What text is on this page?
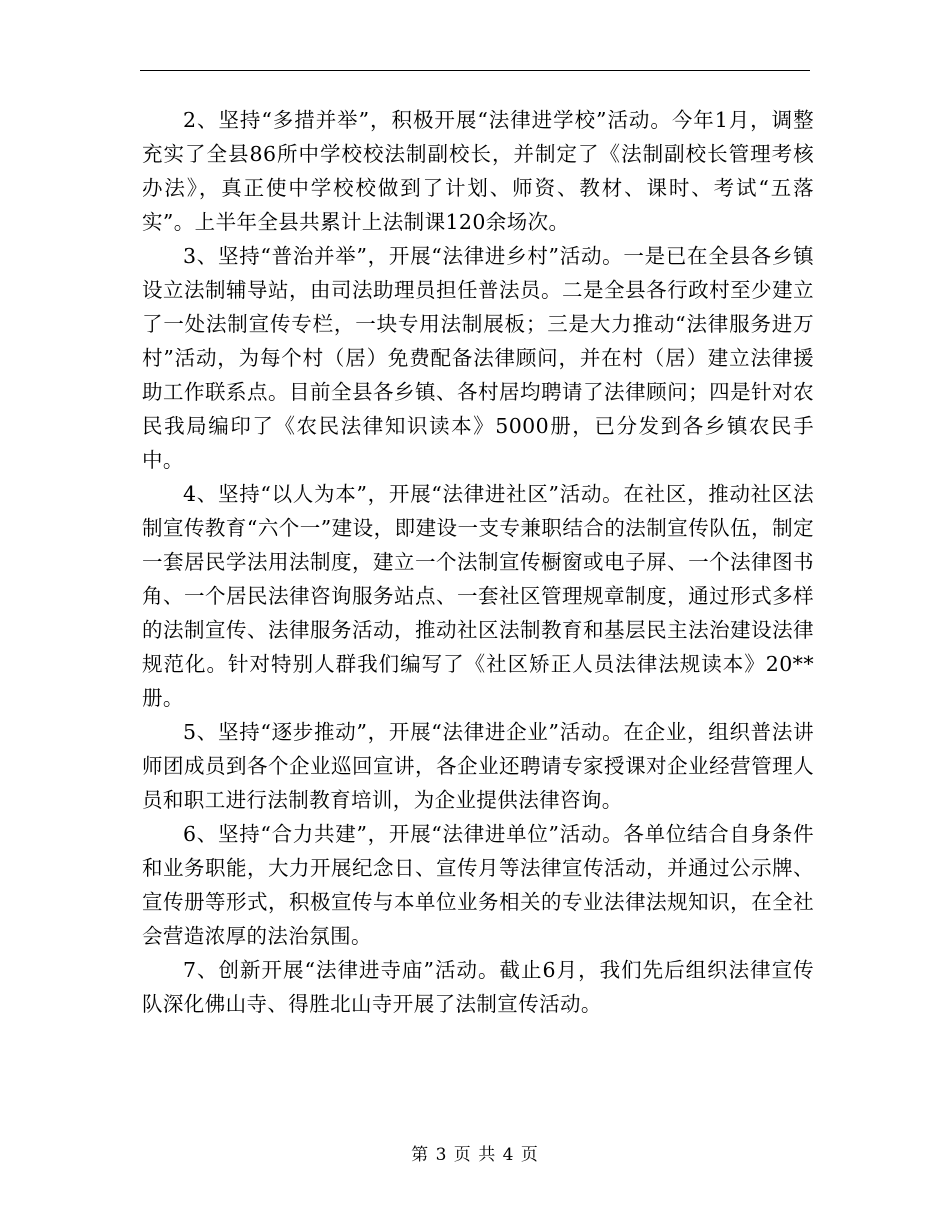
2、坚持“多措并举”，积极开展“法律进学校”活动。今年1月，调整充实了全县86所中学校校法制副校长，并制定了《法制副校长管理考核办法》，真正使中学校校做到了计划、师资、教材、课时、考试“五落实”。上半年全县共累计上法制课120余场次。

3、坚持“普治并举”，开展“法律进乡村”活动。一是已在全县各乡镇设立法制辅导站，由司法助理员担任普法员。二是全县各行政村至少建立了一处法制宣传专栏，一块专用法制展板；三是大力推动“法律服务进万村”活动，为每个村（居）免费配备法律顾问，并在村（居）建立法律援助工作联系点。目前全县各乡镇、各村居均聘请了法律顾问；四是针对农民我局编印了《农民法律知识读本》5000册，已分发到各乡镇农民手中。

4、坚持“以人为本”，开展“法律进社区”活动。在社区，推动社区法制宣传教育“六个一”建设，即建设一支专兼职结合的法制宣传队伍，制定一套居民学法用法制度，建立一个法制宣传橱窗或电子屏、一个法律图书角、一个居民法律咨询服务站点、一套社区管理规章制度，通过形式多样的法制宣传、法律服务活动，推动社区法制教育和基层民主法治建设法律规范化。针对特别人群我们编写了《社区矫正人员法律法规读本》20**册。

5、坚持“逐步推动”，开展“法律进企业”活动。在企业，组织普法讲师团成员到各个企业巡回宣讲，各企业还聘请专家授课对企业经营管理人员和职工进行法制教育培训，为企业提供法律咨询。

6、坚持“合力共建”，开展“法律进单位”活动。各单位结合自身条件和业务职能，大力开展纪念日、宣传月等法律宣传活动，并通过公示牌、宣传册等形式，积极宣传与本单位业务相关的专业法律法规知识，在全社会营造浓厚的法治氛围。

7、创新开展“法律进寺庙”活动。截止6月，我们先后组织法律宣传队深化佛山寺、得胜北山寺开展了法制宣传活动。

第 3 页 共 4 页
